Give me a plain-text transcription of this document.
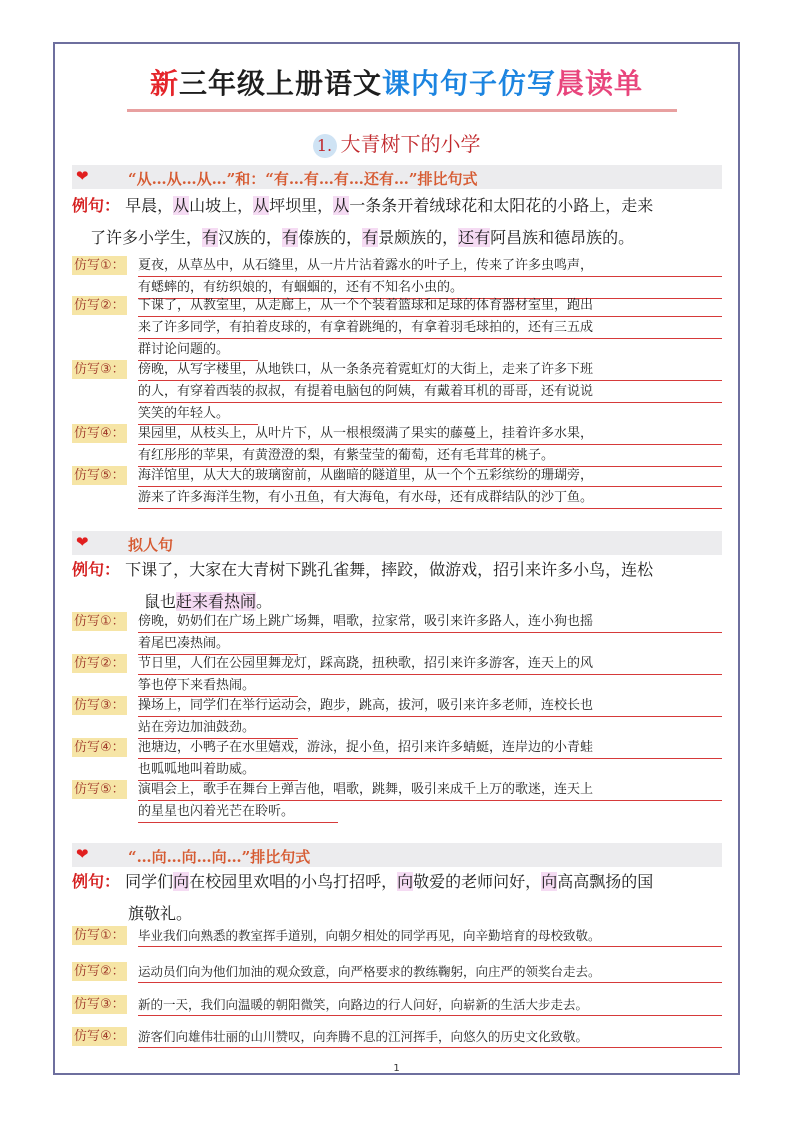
新三年级上册语文课内句子仿写晨读单
1. 大青树下的小学
❤	“从…从…从…”和：“有…有…有…还有…”排比句式
例句： 早晨，从山坡上，从坪坝里，从一条条开着绒球花和太阳花的小路上，走来
了许多小学生，有汉族的，有傣族的，有景颇族的，还有阿昌族和德昂族的。
仿写①： 夏夜，从草丛中，从石缝里，从一片片沾着露水的叶子上，传来了许多虫鸣声，
有蟋蟀的，有纺织娘的，有蝈蝈的，还有不知名小虫的。
仿写②： 下课了，从教室里，从走廊上，从一个个装着篮球和足球的体育器材室里，跑出
来了许多同学，有拍着皮球的，有拿着跳绳的，有拿着羽毛球拍的，还有三五成
群讨论问题的。
仿写③： 傍晚，从写字楼里，从地铁口，从一条条亮着霓虹灯的大街上，走来了许多下班
的人，有穿着西装的叔叔，有提着电脑包的阿姨，有戴着耳机的哥哥，还有说说
笑笑的年轻人。
仿写④： 果园里，从枝头上，从叶片下，从一根根缀满了果实的藤蔓上，挂着许多水果，
有红彤彤的苹果，有黄澄澄的梨，有紫莹莹的葡萄，还有毛茸茸的桃子。
仿写⑤： 海洋馆里，从大大的玻璃窗前，从幽暗的隧道里，从一个个五彩缤纷的珊瑚旁，
游来了许多海洋生物，有小丑鱼，有大海龟，有水母，还有成群结队的沙丁鱼。
❤	拟人句
例句： 下课了，大家在大青树下跳孔雀舞，摔跤，做游戏，招引来许多小鸟，连松
鼠也赶来看热闹。
仿写①： 傍晚，奶奶们在广场上跳广场舞，唱歌，拉家常，吸引来许多路人，连小狗也摇
着尾巴凑热闹。
仿写②： 节日里，人们在公园里舞龙灯，踩高跷，扭秧歌，招引来许多游客，连天上的风
筝也停下来看热闹。
仿写③： 操场上，同学们在举行运动会，跑步，跳高，拔河，吸引来许多老师，连校长也
站在旁边加油鼓劲。
仿写④： 池塘边，小鸭子在水里嬉戏，游泳，捉小鱼，招引来许多蜻蜓，连岸边的小青蛙
也呱呱地叫着助威。
仿写⑤： 演唱会上，歌手在舞台上弹吉他，唱歌，跳舞，吸引来成千上万的歌迷，连天上
的星星也闪着光芒在聆听。
❤	“…向…向…向…”排比句式
例句： 同学们向在校园里欢唱的小鸟打招呼，向敬爱的老师问好，向高高飘扬的国
旗敬礼。
仿写①： 毕业我们向熟悉的教室挥手道别，向朝夕相处的同学再见，向辛勤培育的母校致敬。
仿写②： 运动员们向为他们加油的观众致意，向严格要求的教练鞠躬，向庄严的领奖台走去。
仿写③： 新的一天，我们向温暖的朝阳微笑，向路边的行人问好，向崭新的生活大步走去。
仿写④： 游客们向雄伟壮丽的山川赞叹，向奔腾不息的江河挥手，向悠久的历史文化致敬。
1
